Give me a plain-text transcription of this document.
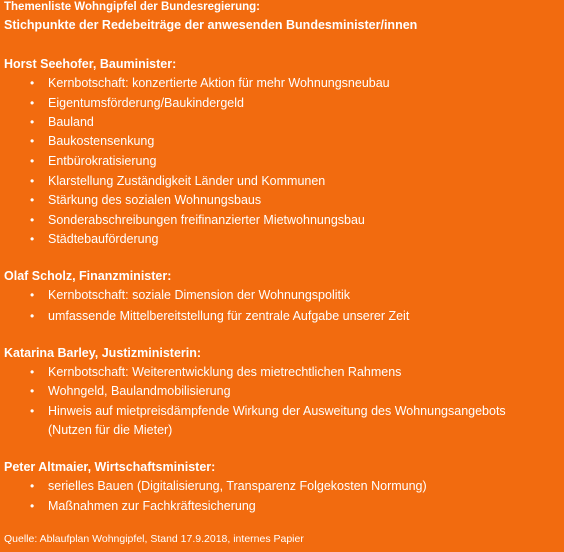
Themenliste Wohngipfel der Bundesregierung:
Stichpunkte der Redebeiträge der anwesenden Bundesminister/innen
Horst Seehofer, Bauminister:
• Kernbotschaft: konzertierte Aktion für mehr Wohnungsneubau
• Eigentumsförderung/Baukindergeld
• Bauland
• Baukostensenkung
• Entbürokratisierung
• Klarstellung Zuständigkeit Länder und Kommunen
• Stärkung des sozialen Wohnungsbaus
• Sonderabschreibungen freifinanzierter Mietwohnungsbau
• Städtebauförderung
Olaf Scholz, Finanzminister:
• Kernbotschaft: soziale Dimension der Wohnungspolitik
• umfassende Mittelbereitstellung für zentrale Aufgabe unserer Zeit
Katarina Barley, Justizministerin:
• Kernbotschaft: Weiterentwicklung des mietrechtlichen Rahmens
• Wohngeld, Baulandmobilisierung
• Hinweis auf mietpreisdämpfende Wirkung der Ausweitung des Wohnungsangebots
(Nutzen für die Mieter)
Peter Altmaier, Wirtschaftsminister:
• serielles Bauen (Digitalisierung, Transparenz Folgekosten Normung)
• Maßnahmen zur Fachkräftesicherung
Quelle: Ablaufplan Wohngipfel, Stand 17.9.2018, internes Papier
